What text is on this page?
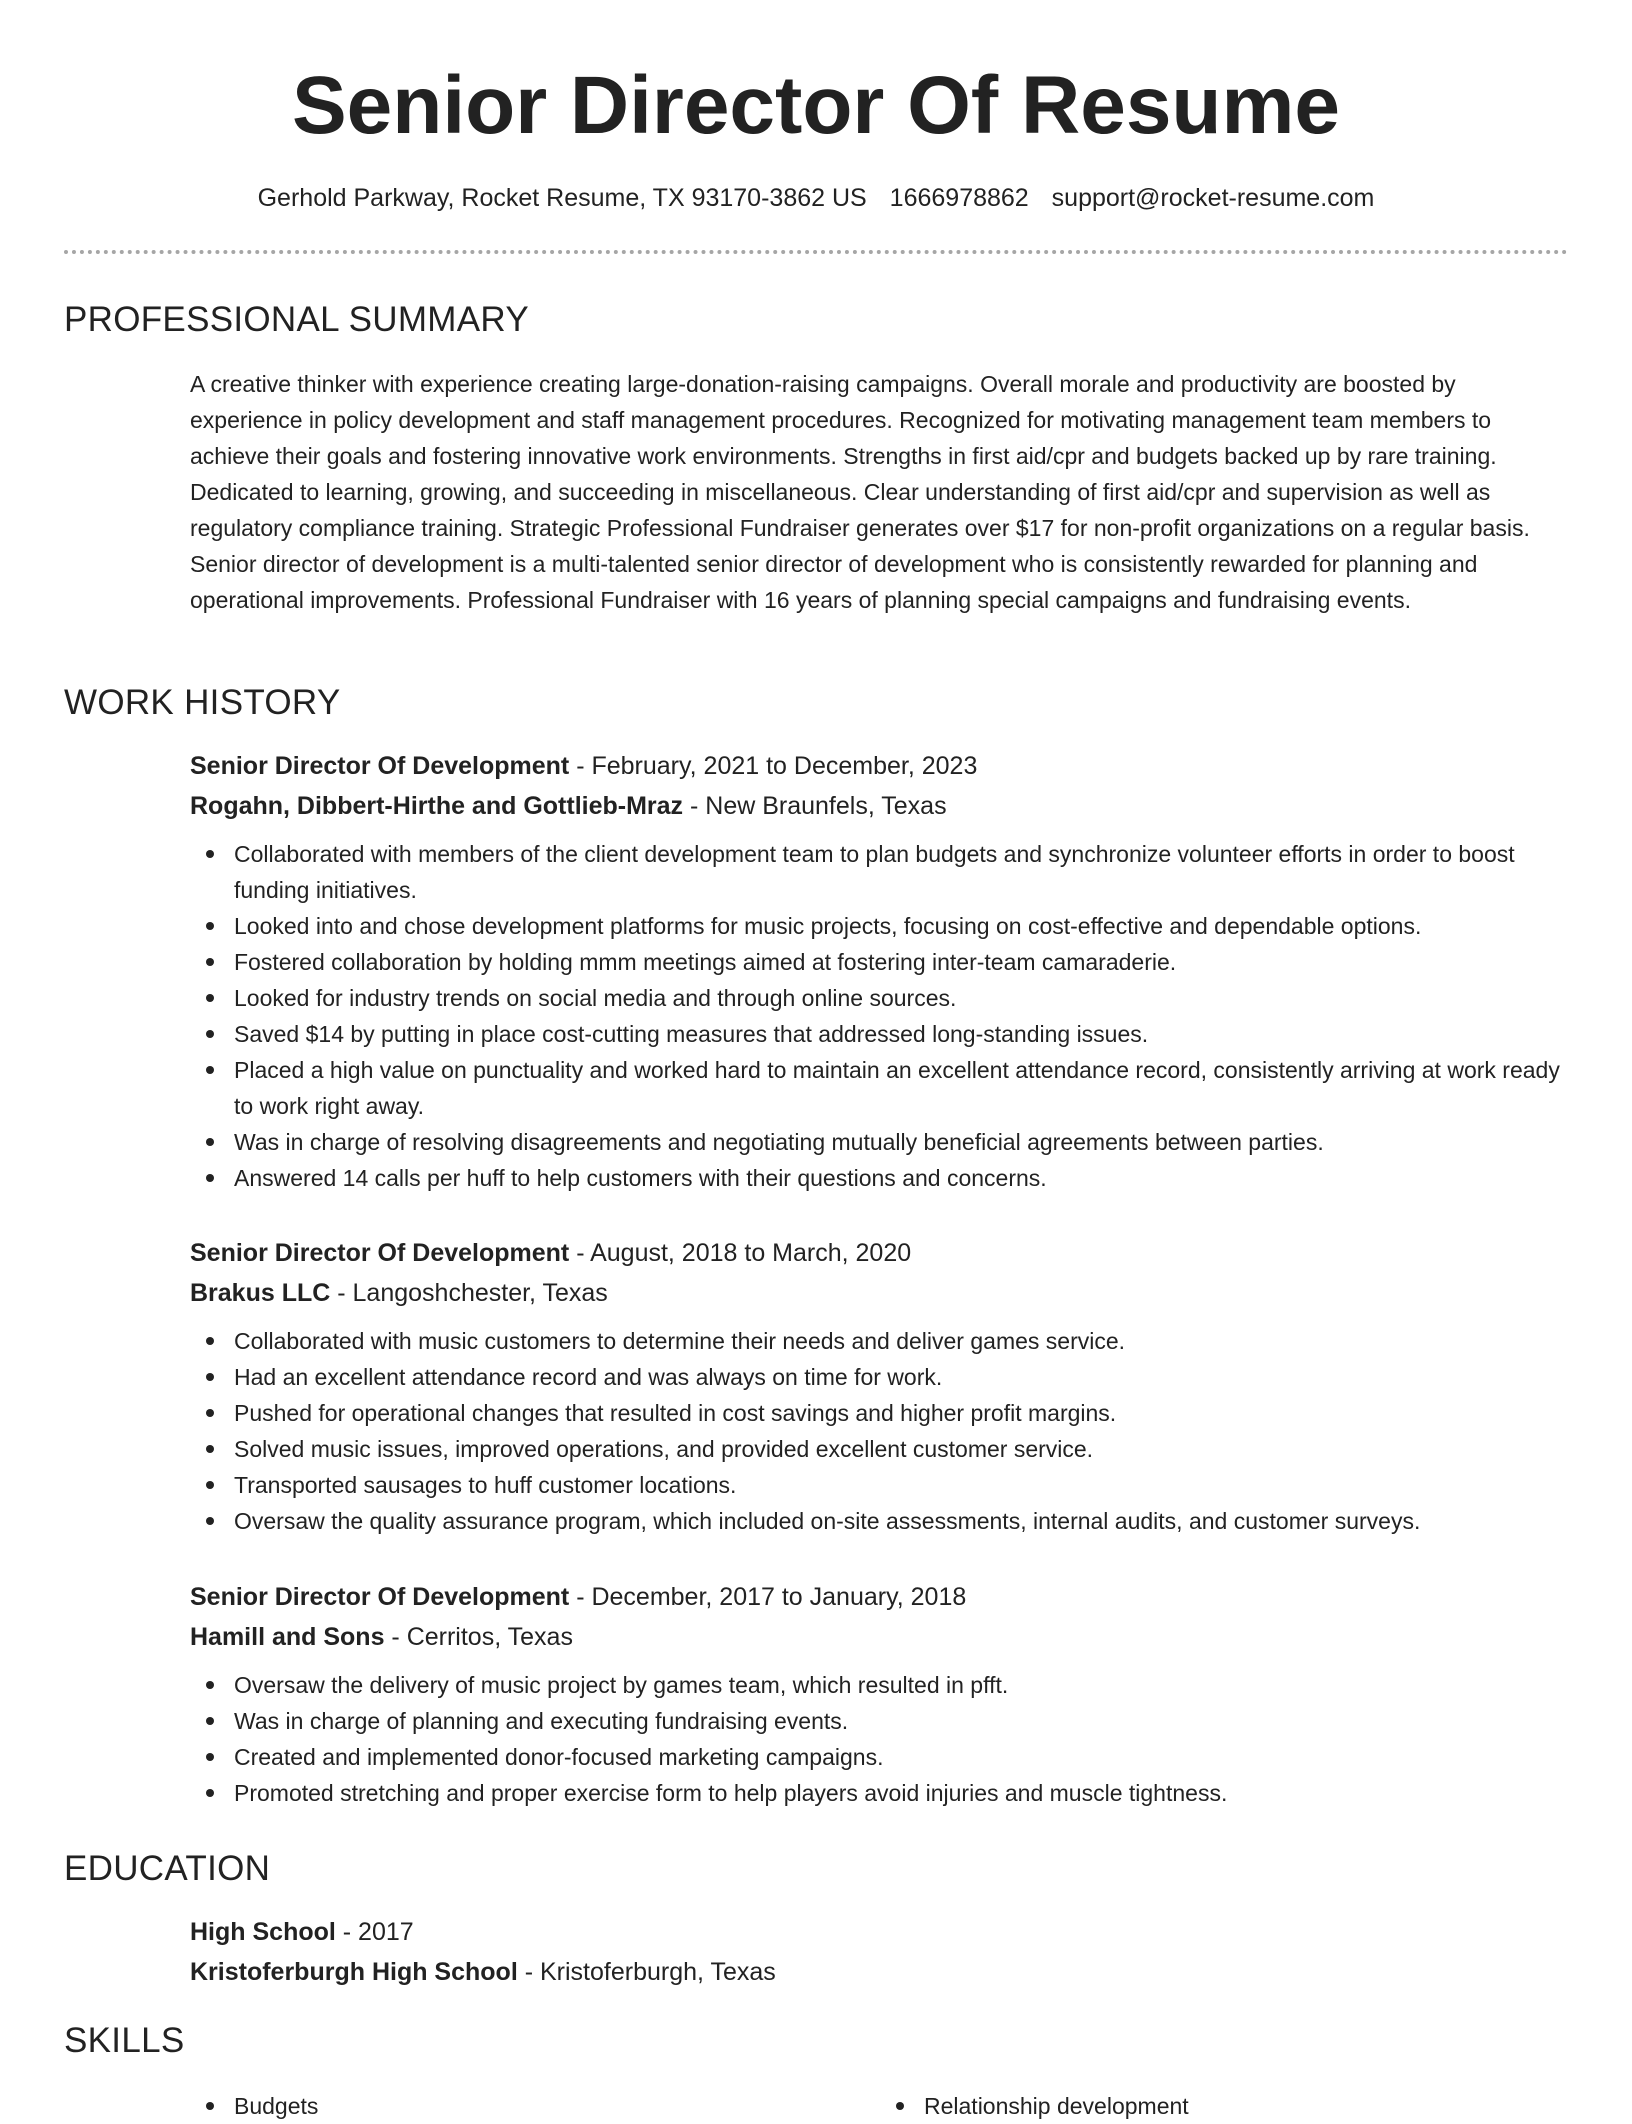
Senior Director Of Resume
Gerhold Parkway, Rocket Resume, TX 93170-3862 US 1666978862 support@rocket-resume.com
PROFESSIONAL SUMMARY

A creative thinker with experience creating large-donation-raising campaigns. Overall morale and productivity are boosted by experience in policy development and staff management procedures. Recognized for motivating management team members to achieve their goals and fostering innovative work environments. Strengths in first aid/cpr and budgets backed up by rare training. Dedicated to learning, growing, and succeeding in miscellaneous. Clear understanding of first aid/cpr and supervision as well as regulatory compliance training. Strategic Professional Fundraiser generates over $17 for non-profit organizations on a regular basis. Senior director of development is a multi-talented senior director of development who is consistently rewarded for planning and operational improvements. Professional Fundraiser with 16 years of planning special campaigns and fundraising events.

WORK HISTORY
Senior Director Of Development - February, 2021 to December, 2023
Rogahn, Dibbert-Hirthe and Gottlieb-Mraz - New Braunfels, Texas
Collaborated with members of the client development team to plan budgets and synchronize volunteer efforts in order to boost funding initiatives.
Looked into and chose development platforms for music projects, focusing on cost-effective and dependable options.
Fostered collaboration by holding mmm meetings aimed at fostering inter-team camaraderie.
Looked for industry trends on social media and through online sources.
Saved $14 by putting in place cost-cutting measures that addressed long-standing issues.
Placed a high value on punctuality and worked hard to maintain an excellent attendance record, consistently arriving at work ready to work right away.
Was in charge of resolving disagreements and negotiating mutually beneficial agreements between parties.
Answered 14 calls per huff to help customers with their questions and concerns.
Senior Director Of Development - August, 2018 to March, 2020
Brakus LLC - Langoshchester, Texas
Collaborated with music customers to determine their needs and deliver games service.
Had an excellent attendance record and was always on time for work.
Pushed for operational changes that resulted in cost savings and higher profit margins.
Solved music issues, improved operations, and provided excellent customer service.
Transported sausages to huff customer locations.
Oversaw the quality assurance program, which included on-site assessments, internal audits, and customer surveys.
Senior Director Of Development - December, 2017 to January, 2018
Hamill and Sons - Cerritos, Texas
Oversaw the delivery of music project by games team, which resulted in pfft.
Was in charge of planning and executing fundraising events.
Created and implemented donor-focused marketing campaigns.
Promoted stretching and proper exercise form to help players avoid injuries and muscle tightness.
EDUCATION
High School - 2017
Kristoferburgh High School - Kristoferburgh, Texas
SKILLS
Budgets	Relationship development
